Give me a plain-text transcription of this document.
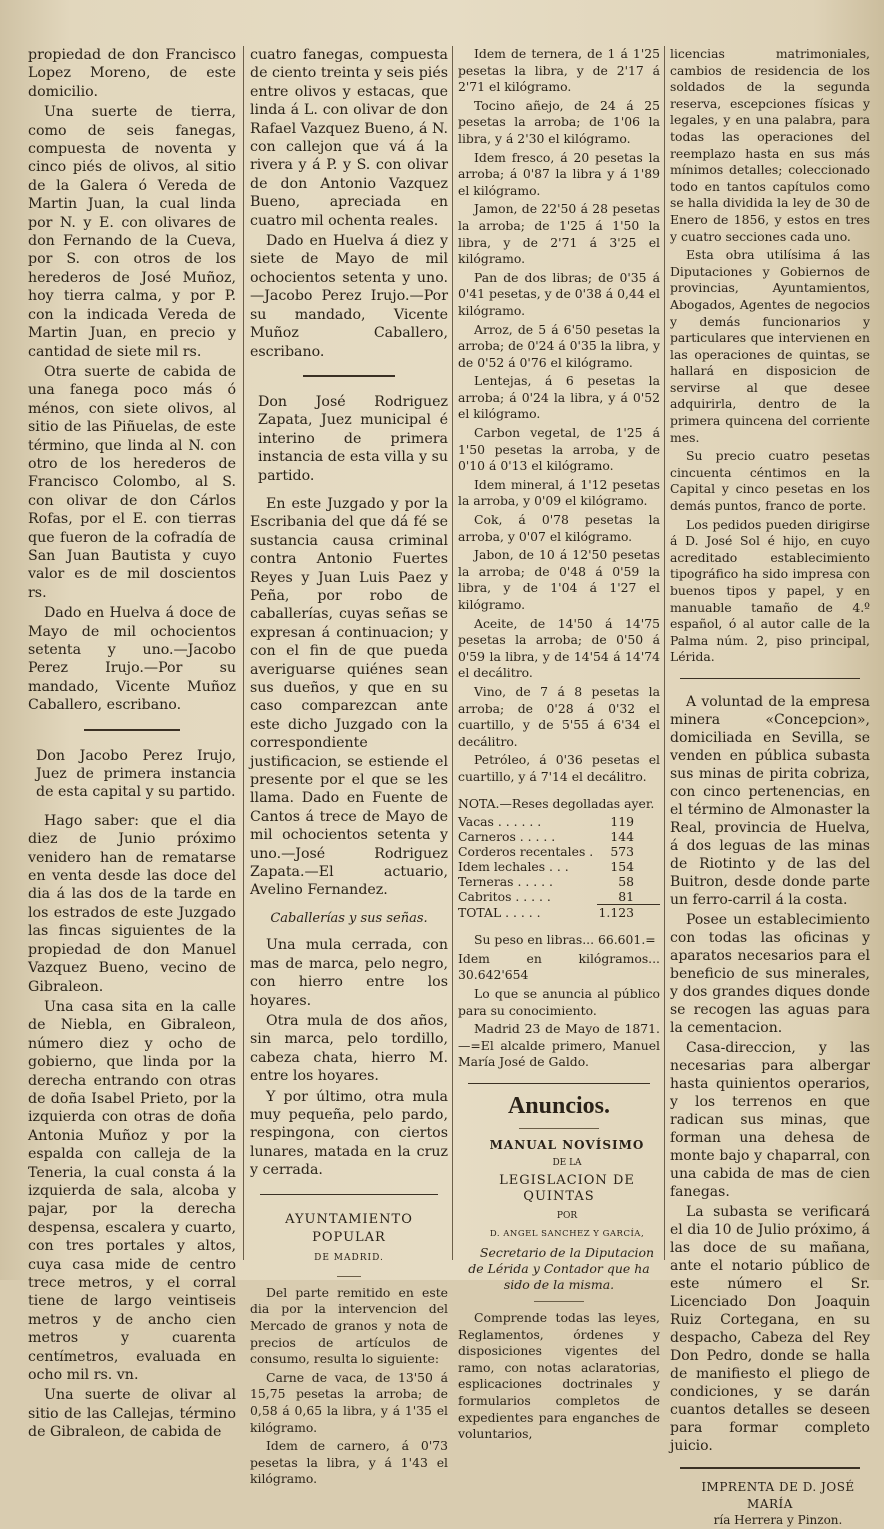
propiedad de don Francisco Lopez Moreno, de este domicilio.

Una suerte de tierra, como de seis fanegas, compuesta de noventa y cinco piés de olivos, al sitio de la Galera ó Vereda de Martin Juan, la cual linda por N. y E. con olivares de don Fernando de la Cueva, por S. con otros de los herederos de José Muñoz, hoy tierra calma, y por P. con la indicada Vereda de Martin Juan, en precio y cantidad de siete mil rs.

Otra suerte de cabida de una fanega poco más ó ménos, con siete olivos, al sitio de las Piñuelas, de este término, que linda al N. con otro de los herederos de Francisco Colombo, al S. con olivar de don Cárlos Rofas, por el E. con tierras que fueron de la cofradía de San Juan Bautista y cuyo valor es de mil doscientos rs.

Dado en Huelva á doce de Mayo de mil ochocientos setenta y uno.—Jacobo Perez Irujo.—Por su mandado, Vicente Muñoz Caballero, escribano.

Don Jacobo Perez Irujo, Juez de primera instancia de esta capital y su partido.

Hago saber: que el dia diez de Junio próximo venidero han de rematarse en venta desde las doce del dia á las dos de la tarde en los estrados de este Juzgado las fincas siguientes de la propiedad de don Manuel Vazquez Bueno, vecino de Gibraleon.

Una casa sita en la calle de Niebla, en Gibraleon, número diez y ocho de gobierno, que linda por la derecha entrando con otras de doña Isabel Prieto, por la izquierda con otras de doña Antonia Muñoz y por la espalda con calleja de la Teneria, la cual consta á la izquierda de sala, alcoba y pajar, por la derecha despensa, escalera y cuarto, con tres portales y altos, cuya casa mide de centro trece metros, y el corral tiene de largo veintiseis metros y de ancho cien metros y cuarenta centímetros, evaluada en ocho mil rs. vn.

Una suerte de olivar al sitio de las Callejas, término de Gibraleon, de cabida de

cuatro fanegas, compuesta de ciento treinta y seis piés entre olivos y estacas, que linda á L. con olivar de don Rafael Vazquez Bueno, á N. con callejon que vá á la rivera y á P. y S. con olivar de don Antonio Vazquez Bueno, apreciada en cuatro mil ochenta reales.

Dado en Huelva á diez y siete de Mayo de mil ochocientos setenta y uno.—Jacobo Perez Irujo.—Por su mandado, Vicente Muñoz Caballero, escribano.

Don José Rodriguez Zapata, Juez municipal é interino de primera instancia de esta villa y su partido.

En este Juzgado y por la Escribania del que dá fé se sustancia causa criminal contra Antonio Fuertes Reyes y Juan Luis Paez y Peña, por robo de caballerías, cuyas señas se expresan á continuacion; y con el fin de que pueda averiguarse quiénes sean sus dueños, y que en su caso comparezcan ante este dicho Juzgado con la correspondiente justificacion, se estiende el presente por el que se les llama. Dado en Fuente de Cantos á trece de Mayo de mil ochocientos setenta y uno.—José Rodriguez Zapata.—El actuario, Avelino Fernandez.

Caballerías y sus señas.

Una mula cerrada, con mas de marca, pelo negro, con hierro entre los hoyares.

Otra mula de dos años, sin marca, pelo tordillo, cabeza chata, hierro M. entre los hoyares.

Y por último, otra mula muy pequeña, pelo pardo, respingona, con ciertos lunares, matada en la cruz y cerrada.

AYUNTAMIENTO POPULAR

DE MADRID.

Del parte remitido en este dia por la intervencion del Mercado de granos y nota de precios de artículos de consumo, resulta lo siguiente:

Carne de vaca, de 13'50 á 15,75 pesetas la arroba; de 0,58 á 0,65 la libra, y á 1'35 el kilógramo.

Idem de carnero, á 0'73 pesetas la libra, y á 1'43 el kilógramo.

Idem de ternera, de 1 á 1'25 pesetas la libra, y de 2'17 á 2'71 el kilógramo.

Tocino añejo, de 24 á 25 pesetas la arroba; de 1'06 la libra, y á 2'30 el kilógramo.

Idem fresco, á 20 pesetas la arroba; á 0'87 la libra y á 1'89 el kilógramo.

Jamon, de 22'50 á 28 pesetas la arroba; de 1'25 á 1'50 la libra, y de 2'71 á 3'25 el kilógramo.

Pan de dos libras; de 0'35 á 0'41 pesetas, y de 0'38 á 0,44 el kilógramo.

Arroz, de 5 á 6'50 pesetas la arroba; de 0'24 á 0'35 la libra, y de 0'52 á 0'76 el kilógramo.

Lentejas, á 6 pesetas la arroba; á 0'24 la libra, y á 0'52 el kilógramo.

Carbon vegetal, de 1'25 á 1'50 pesetas la arroba, y de 0'10 á 0'13 el kilógramo.

Idem mineral, á 1'12 pesetas la arroba, y 0'09 el kilógramo.

Cok, á 0'78 pesetas la arroba, y 0'07 el kilógramo.

Jabon, de 10 á 12'50 pesetas la arroba; de 0'48 á 0'59 la libra, y de 1'04 á 1'27 el kilógramo.

Aceite, de 14'50 á 14'75 pesetas la arroba; de 0'50 á 0'59 la libra, y de 14'54 á 14'74 el decálitro.

Vino, de 7 á 8 pesetas la arroba; de 0'28 á 0'32 el cuartillo, y de 5'55 á 6'34 el decálitro.

Petróleo, á 0'36 pesetas el cuartillo, y á 7'14 el decálitro.

NOTA.—Reses degolladas ayer.

Vacas . . . . . .	119
Carneros . . . . .	144
Corderos recentales .	573
Idem lechales . . .	154
Terneras . . . . .	58
Cabritos . . . . .	81
TOTAL . . . . .	1.123

Su peso en libras... 66.601.=

Idem en kilógramos... 30.642'654

Lo que se anuncia al público para su conocimiento.

Madrid 23 de Mayo de 1871.—=El alcalde primero, Manuel María José de Galdo.

Anuncios.

MANUAL NOVÍSIMO

DE LA

LEGISLACION DE QUINTAS

POR

D. ANGEL SANCHEZ Y GARCÍA,

Secretario de la Diputacion de Lérida y Contador que ha sido de la misma.

Comprende todas las leyes, Reglamentos, órdenes y disposiciones vigentes del ramo, con notas aclaratorias, esplicaciones doctrinales y formularios completos de expedientes para enganches de voluntarios,

licencias matrimoniales, cambios de residencia de los soldados de la segunda reserva, escepciones físicas y legales, y en una palabra, para todas las operaciones del reemplazo hasta en sus más mínimos detalles; coleccionado todo en tantos capítulos como se halla dividida la ley de 30 de Enero de 1856, y estos en tres y cuatro secciones cada uno.

Esta obra utilísima á las Diputaciones y Gobiernos de provincias, Ayuntamientos, Abogados, Agentes de negocios y demás funcionarios y particulares que intervienen en las operaciones de quintas, se hallará en disposicion de servirse al que desee adquirirla, dentro de la primera quincena del corriente mes.

Su precio cuatro pesetas cincuenta céntimos en la Capital y cinco pesetas en los demás puntos, franco de porte.

Los pedidos pueden dirigirse á D. José Sol é hijo, en cuyo acreditado establecimiento tipográfico ha sido impresa con buenos tipos y papel, y en manuable tamaño de 4.º español, ó al autor calle de la Palma núm. 2, piso principal, Lérida.

A voluntad de la empresa minera «Concepcion», domiciliada en Sevilla, se venden en pública subasta sus minas de pirita cobriza, con cinco pertenencias, en el término de Almonaster la Real, provincia de Huelva, á dos leguas de las minas de Riotinto y de las del Buitron, desde donde parte un ferro-carril á la costa.

Posee un establecimiento con todas las oficinas y aparatos necesarios para el beneficio de sus minerales, y dos grandes diques donde se recogen las aguas para la cementacion.

Casa-direccion, y las necesarias para albergar hasta quinientos operarios, y los terrenos en que radican sus minas, que forman una dehesa de monte bajo y chaparral, con una cabida de mas de cien fanegas.

La subasta se verificará el dia 10 de Julio próximo, á las doce de su mañana, ante el notario público de este número el Sr. Licenciado Don Joaquin Ruiz Cortegana, en su despacho, Cabeza del Rey Don Pedro, donde se halla de manifiesto el pliego de condiciones, y se darán cuantos detalles se deseen para formar completo juicio.

IMPRENTA DE D. JOSÉ MARÍA

ría Herrera y Pinzon.
